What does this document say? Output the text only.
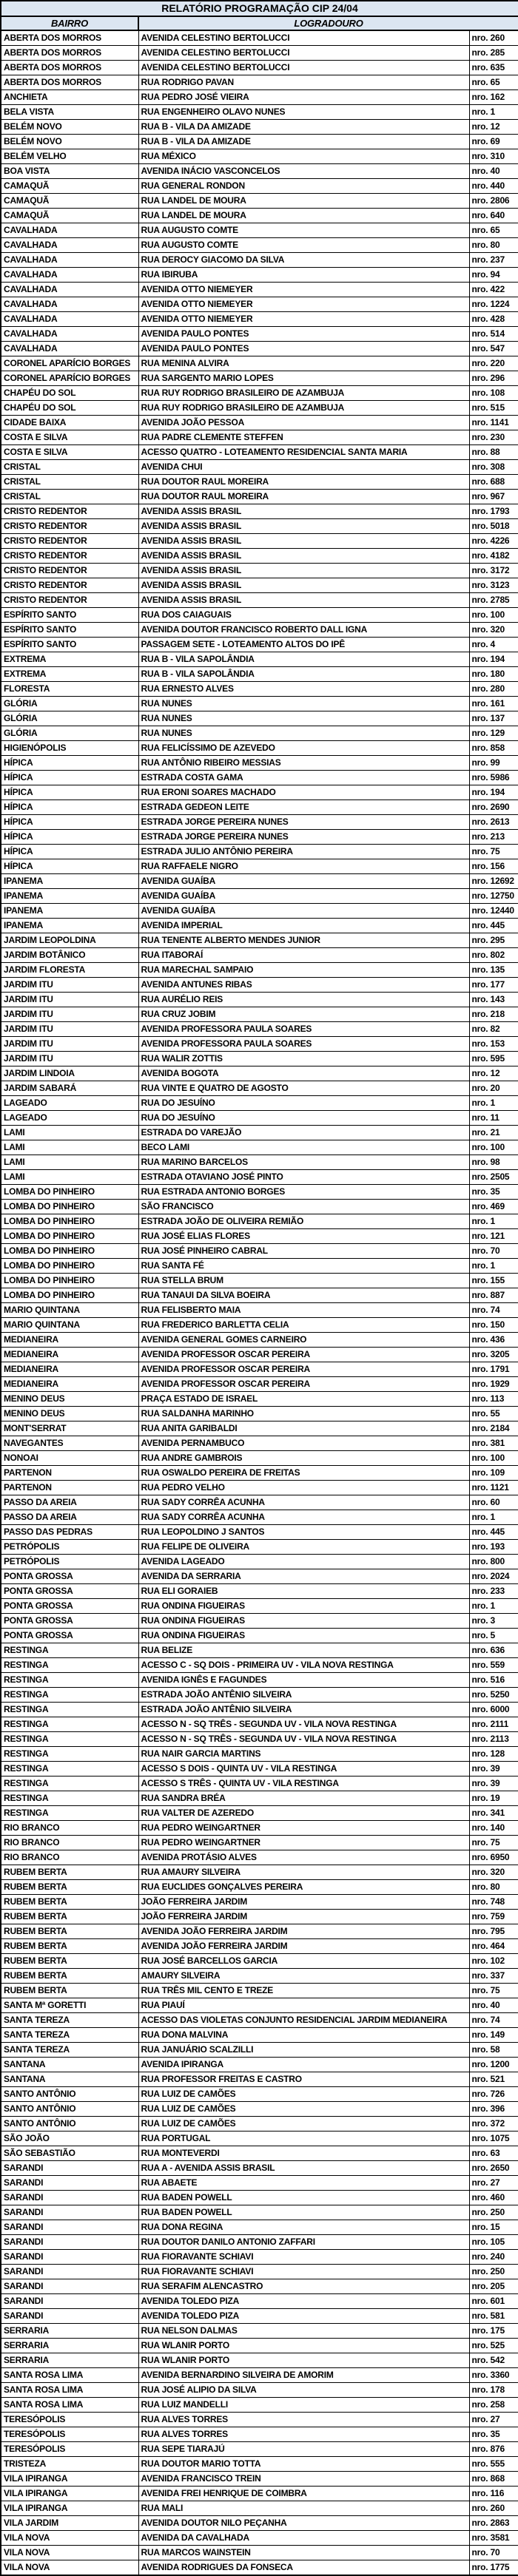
RELATÓRIO PROGRAMAÇÃO CIP 24/04		
BAIRRO	LOGRADOURO	
ABERTA DOS MORROS	AVENIDA CELESTINO BERTOLUCCI	nro. 260
ABERTA DOS MORROS	AVENIDA CELESTINO BERTOLUCCI	nro. 285
ABERTA DOS MORROS	AVENIDA CELESTINO BERTOLUCCI	nro. 635
ABERTA DOS MORROS	RUA RODRIGO PAVAN	nro. 65
ANCHIETA	RUA PEDRO JOSÉ VIEIRA	nro. 162
BELA VISTA	RUA ENGENHEIRO OLAVO NUNES	nro. 1
BELÉM NOVO	RUA B - VILA DA AMIZADE	nro. 12
BELÉM NOVO	RUA B - VILA DA AMIZADE	nro. 69
BELÉM VELHO	RUA MÉXICO	nro. 310
BOA VISTA	AVENIDA INÁCIO VASCONCELOS	nro. 40
CAMAQUÃ	RUA GENERAL RONDON	nro. 440
CAMAQUÃ	RUA LANDEL DE MOURA	nro. 2806
CAMAQUÃ	RUA LANDEL DE MOURA	nro. 640
CAVALHADA	RUA AUGUSTO COMTE	nro. 65
CAVALHADA	RUA AUGUSTO COMTE	nro. 80
CAVALHADA	RUA DEROCY GIACOMO DA SILVA	nro. 237
CAVALHADA	RUA IBIRUBA	nro. 94
CAVALHADA	AVENIDA OTTO NIEMEYER	nro. 422
CAVALHADA	AVENIDA OTTO NIEMEYER	nro. 1224
CAVALHADA	AVENIDA OTTO NIEMEYER	nro. 428
CAVALHADA	AVENIDA PAULO PONTES	nro. 514
CAVALHADA	AVENIDA PAULO PONTES	nro. 547
CORONEL APARÍCIO BORGES	RUA MENINA ALVIRA	nro. 220
CORONEL APARÍCIO BORGES	RUA SARGENTO MARIO LOPES	nro. 296
CHAPÉU DO SOL	RUA RUY RODRIGO BRASILEIRO DE AZAMBUJA	nro. 108
CHAPÉU DO SOL	RUA RUY RODRIGO BRASILEIRO DE AZAMBUJA	nro. 515
CIDADE BAIXA	AVENIDA JOÃO PESSOA	nro. 1141
COSTA E SILVA	RUA PADRE CLEMENTE STEFFEN	nro. 230
COSTA E SILVA	ACESSO QUATRO - LOTEAMENTO RESIDENCIAL SANTA MARIA	nro. 88
CRISTAL	AVENIDA CHUI	nro. 308
CRISTAL	RUA DOUTOR RAUL MOREIRA	nro. 688
CRISTAL	RUA DOUTOR RAUL MOREIRA	nro. 967
CRISTO REDENTOR	AVENIDA ASSIS BRASIL	nro. 1793
CRISTO REDENTOR	AVENIDA ASSIS BRASIL	nro. 5018
CRISTO REDENTOR	AVENIDA ASSIS BRASIL	nro. 4226
CRISTO REDENTOR	AVENIDA ASSIS BRASIL	nro. 4182
CRISTO REDENTOR	AVENIDA ASSIS BRASIL	nro. 3172
CRISTO REDENTOR	AVENIDA ASSIS BRASIL	nro. 3123
CRISTO REDENTOR	AVENIDA ASSIS BRASIL	nro. 2785
ESPÍRITO SANTO	RUA DOS CAIAGUAIS	nro. 100
ESPÍRITO SANTO	AVENIDA DOUTOR FRANCISCO ROBERTO DALL IGNA	nro. 320
ESPÍRITO SANTO	PASSAGEM SETE - LOTEAMENTO ALTOS DO IPÊ	nro. 4
EXTREMA	RUA B - VILA SAPOLÂNDIA	nro. 194
EXTREMA	RUA B - VILA SAPOLÂNDIA	nro. 180
FLORESTA	RUA ERNESTO ALVES	nro. 280
GLÓRIA	RUA NUNES	nro. 161
GLÓRIA	RUA NUNES	nro. 137
GLÓRIA	RUA NUNES	nro. 129
HIGIENÓPOLIS	RUA FELICÍSSIMO DE AZEVEDO	nro. 858
HÍPICA	RUA ANTÔNIO RIBEIRO MESSIAS	nro. 99
HÍPICA	ESTRADA COSTA GAMA	nro. 5986
HÍPICA	RUA ERONI SOARES MACHADO	nro. 194
HÍPICA	ESTRADA GEDEON LEITE	nro. 2690
HÍPICA	ESTRADA JORGE PEREIRA NUNES	nro. 2613
HÍPICA	ESTRADA JORGE PEREIRA NUNES	nro. 213
HÍPICA	ESTRADA JULIO ANTÔNIO PEREIRA	nro. 75
HÍPICA	RUA RAFFAELE NIGRO	nro. 156
IPANEMA	AVENIDA GUAÍBA	nro. 12692
IPANEMA	AVENIDA GUAÍBA	nro. 12750
IPANEMA	AVENIDA GUAÍBA	nro. 12440
IPANEMA	AVENIDA IMPERIAL	nro. 445
JARDIM LEOPOLDINA	RUA TENENTE ALBERTO MENDES JUNIOR	nro. 295
JARDIM BOTÂNICO	RUA ITABORAÍ	nro. 802
JARDIM FLORESTA	RUA MARECHAL SAMPAIO	nro. 135
JARDIM ITU	AVENIDA ANTUNES RIBAS	nro. 177
JARDIM ITU	RUA AURÉLIO REIS	nro. 143
JARDIM ITU	RUA CRUZ JOBIM	nro. 218
JARDIM ITU	AVENIDA PROFESSORA PAULA SOARES	nro. 82
JARDIM ITU	AVENIDA PROFESSORA PAULA SOARES	nro. 153
JARDIM ITU	RUA WALIR ZOTTIS	nro. 595
JARDIM LINDOIA	AVENIDA BOGOTA	nro. 12
JARDIM SABARÁ	RUA VINTE E QUATRO DE AGOSTO	nro. 20
LAGEADO	RUA DO JESUÍNO	nro. 1
LAGEADO	RUA DO JESUÍNO	nro. 11
LAMI	ESTRADA DO VAREJÃO	nro. 21
LAMI	BECO LAMI	nro. 100
LAMI	RUA MARINO BARCELOS	nro. 98
LAMI	ESTRADA OTAVIANO JOSÉ PINTO	nro. 2505
LOMBA DO PINHEIRO	RUA ESTRADA ANTONIO BORGES	nro. 35
LOMBA DO PINHEIRO	SÃO FRANCISCO	nro. 469
LOMBA DO PINHEIRO	ESTRADA JOÃO DE OLIVEIRA REMIÃO	nro. 1
LOMBA DO PINHEIRO	RUA JOSÉ ELIAS FLORES	nro. 121
LOMBA DO PINHEIRO	RUA JOSÉ PINHEIRO CABRAL	nro. 70
LOMBA DO PINHEIRO	RUA SANTA FÉ	nro. 1
LOMBA DO PINHEIRO	RUA STELLA BRUM	nro. 155
LOMBA DO PINHEIRO	RUA TANAUI DA SILVA BOEIRA	nro. 887
MARIO QUINTANA	RUA FELISBERTO MAIA	nro. 74
MARIO QUINTANA	RUA FREDERICO BARLETTA CELIA	nro. 150
MEDIANEIRA	AVENIDA GENERAL GOMES CARNEIRO	nro. 436
MEDIANEIRA	AVENIDA PROFESSOR OSCAR PEREIRA	nro. 3205
MEDIANEIRA	AVENIDA PROFESSOR OSCAR PEREIRA	nro. 1791
MEDIANEIRA	AVENIDA PROFESSOR OSCAR PEREIRA	nro. 1929
MENINO DEUS	PRAÇA ESTADO DE ISRAEL	nro. 113
MENINO DEUS	RUA SALDANHA MARINHO	nro. 55
MONT'SERRAT	RUA ANITA GARIBALDI	nro. 2184
NAVEGANTES	AVENIDA PERNAMBUCO	nro. 381
NONOAI	RUA ANDRE GAMBROIS	nro. 100
PARTENON	RUA OSWALDO PEREIRA DE FREITAS	nro. 109
PARTENON	RUA PEDRO VELHO	nro. 1121
PASSO DA AREIA	RUA SADY CORRÊA ACUNHA	nro. 60
PASSO DA AREIA	RUA SADY CORRÊA ACUNHA	nro. 1
PASSO DAS PEDRAS	RUA LEOPOLDINO J SANTOS	nro. 445
PETRÓPOLIS	RUA FELIPE DE OLIVEIRA	nro. 193
PETRÓPOLIS	AVENIDA LAGEADO	nro. 800
PONTA GROSSA	AVENIDA DA SERRARIA	nro. 2024
PONTA GROSSA	RUA ELI GORAIEB	nro. 233
PONTA GROSSA	RUA ONDINA FIGUEIRAS	nro. 1
PONTA GROSSA	RUA ONDINA FIGUEIRAS	nro. 3
PONTA GROSSA	RUA ONDINA FIGUEIRAS	nro. 5
RESTINGA	RUA BELIZE	nro. 636
RESTINGA	ACESSO C - SQ DOIS - PRIMEIRA UV - VILA NOVA RESTINGA	nro. 559
RESTINGA	AVENIDA IGNÊS E FAGUNDES	nro. 516
RESTINGA	ESTRADA JOÃO ANTÊNIO SILVEIRA	nro. 5250
RESTINGA	ESTRADA JOÃO ANTÊNIO SILVEIRA	nro. 6000
RESTINGA	ACESSO N - SQ TRÊS - SEGUNDA UV - VILA NOVA RESTINGA	nro. 2111
RESTINGA	ACESSO N - SQ TRÊS - SEGUNDA UV - VILA NOVA RESTINGA	nro. 2113
RESTINGA	RUA NAIR GARCIA MARTINS	nro. 128
RESTINGA	ACESSO S DOIS - QUINTA UV - VILA RESTINGA	nro. 39
RESTINGA	ACESSO S TRÊS - QUINTA UV - VILA RESTINGA	nro. 39
RESTINGA	RUA SANDRA BRÉA	nro. 19
RESTINGA	RUA VALTER DE AZEREDO	nro. 341
RIO BRANCO	RUA PEDRO WEINGARTNER	nro. 140
RIO BRANCO	RUA PEDRO WEINGARTNER	nro. 75
RIO BRANCO	AVENIDA PROTÁSIO ALVES	nro. 6950
RUBEM BERTA	RUA AMAURY SILVEIRA	nro. 320
RUBEM BERTA	RUA EUCLIDES GONÇALVES PEREIRA	nro. 80
RUBEM BERTA	JOÃO FERREIRA JARDIM	nro. 748
RUBEM BERTA	JOÃO FERREIRA JARDIM	nro. 759
RUBEM BERTA	AVENIDA JOÃO FERREIRA JARDIM	nro. 795
RUBEM BERTA	AVENIDA JOÃO FERREIRA JARDIM	nro. 464
RUBEM BERTA	RUA JOSÉ BARCELLOS GARCIA	nro. 102
RUBEM BERTA	AMAURY SILVEIRA	nro. 337
RUBEM BERTA	RUA TRÊS MIL CENTO E TREZE	nro. 75
SANTA Mª GORETTI	RUA PIAUÍ	nro. 40
SANTA TEREZA	ACESSO DAS VIOLETAS CONJUNTO RESIDENCIAL JARDIM MEDIANEIRA	nro. 74
SANTA TEREZA	RUA DONA MALVINA	nro. 149
SANTA TEREZA	RUA JANUÁRIO SCALZILLI	nro. 58
SANTANA	AVENIDA IPIRANGA	nro. 1200
SANTANA	RUA PROFESSOR FREITAS E CASTRO	nro. 521
SANTO ANTÔNIO	RUA LUIZ DE CAMÕES	nro. 726
SANTO ANTÔNIO	RUA LUIZ DE CAMÕES	nro. 396
SANTO ANTÔNIO	RUA LUIZ DE CAMÕES	nro. 372
SÃO JOÃO	RUA PORTUGAL	nro. 1075
SÃO SEBASTIÃO	RUA MONTEVERDI	nro. 63
SARANDI	RUA A - AVENIDA ASSIS BRASIL	nro. 2650
SARANDI	RUA ABAETE	nro. 27
SARANDI	RUA BADEN POWELL	nro. 460
SARANDI	RUA BADEN POWELL	nro. 250
SARANDI	RUA DONA REGINA	nro. 15
SARANDI	RUA DOUTOR DANILO ANTONIO ZAFFARI	nro. 105
SARANDI	RUA FIORAVANTE SCHIAVI	nro. 240
SARANDI	RUA FIORAVANTE SCHIAVI	nro. 250
SARANDI	RUA SERAFIM ALENCASTRO	nro. 205
SARANDI	AVENIDA TOLEDO PIZA	nro. 601
SARANDI	AVENIDA TOLEDO PIZA	nro. 581
SERRARIA	RUA NELSON DALMAS	nro. 175
SERRARIA	RUA WLANIR PORTO	nro. 525
SERRARIA	RUA WLANIR PORTO	nro. 542
SANTA ROSA LIMA	AVENIDA BERNARDINO SILVEIRA DE AMORIM	nro. 3360
SANTA ROSA LIMA	RUA JOSÉ ALIPIO DA SILVA	nro. 178
SANTA ROSA LIMA	RUA LUIZ MANDELLI	nro. 258
TERESÓPOLIS	RUA ALVES TORRES	nro. 27
TERESÓPOLIS	RUA ALVES TORRES	nro. 35
TERESÓPOLIS	RUA SEPE TIARAJÚ	nro. 876
TRISTEZA	RUA DOUTOR MARIO TOTTA	nro. 555
VILA IPIRANGA	AVENIDA FRANCISCO TREIN	nro. 868
VILA IPIRANGA	AVENIDA FREI HENRIQUE DE COIMBRA	nro. 116
VILA IPIRANGA	RUA MALI	nro. 260
VILA JARDIM	AVENIDA DOUTOR NILO PEÇANHA	nro. 2863
VILA NOVA	AVENIDA DA CAVALHADA	nro. 3581
VILA NOVA	RUA MARCOS WAINSTEIN	nro. 70
VILA NOVA	AVENIDA RODRIGUES DA FONSECA	nro. 1775
